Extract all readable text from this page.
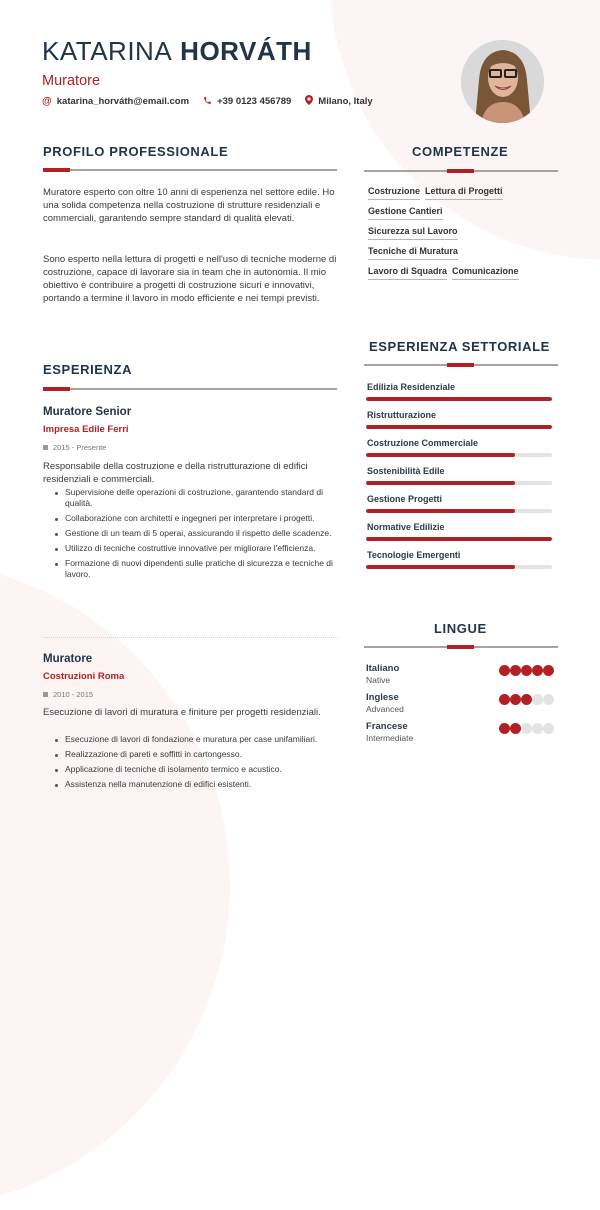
KATARINA HORVÁTH
Muratore
@ katarina_horváth@email.com	+39 0123 456789	Milano, Italy
PROFILO PROFESSIONALE
Muratore esperto con oltre 10 anni di esperienza nel settore edile. Ho una solida competenza nella costruzione di strutture residenziali e commerciali, garantendo sempre standard di qualità elevati.
Sono esperto nella lettura di progetti e nell'uso di tecniche moderne di costruzione, capace di lavorare sia in team che in autonomia. Il mio obiettivo è contribuire a progetti di costruzione sicuri e innovativi, portando a termine il lavoro in modo efficiente e nei tempi previsti.
ESPERIENZA
Muratore Senior
Impresa Edile Ferri
2015 - Presente
Responsabile della costruzione e della ristrutturazione di edifici residenziali e commerciali.
Supervisione delle operazioni di costruzione, garantendo standard di qualità.
Collaborazione con architetti e ingegneri per interpretare i progetti.
Gestione di un team di 5 operai, assicurando il rispetto delle scadenze.
Utilizzo di tecniche costruttive innovative per migliorare l'efficienza.
Formazione di nuovi dipendenti sulle pratiche di sicurezza e tecniche di lavoro.
Muratore
Costruzioni Roma
2010 - 2015
Esecuzione di lavori di muratura e finiture per progetti residenziali.
Esecuzione di lavori di fondazione e muratura per case unifamiliari.
Realizzazione di pareti e soffitti in cartongesso.
Applicazione di tecniche di isolamento termico e acustico.
Assistenza nella manutenzione di edifici esistenti.
COMPETENZE
Costruzione Lettura di Progetti
Gestione Cantieri
Sicurezza sul Lavoro
Tecniche di Muratura
Lavoro di Squadra Comunicazione
ESPERIENZA SETTORIALE
Edilizia Residenziale
Ristrutturazione
Costruzione Commerciale
Sostenibilità Edile
Gestione Progetti
Normative Edilizie
Tecnologie Emergenti
LINGUE
Italiano
Native
Inglese
Advanced
Francese
Intermediate
